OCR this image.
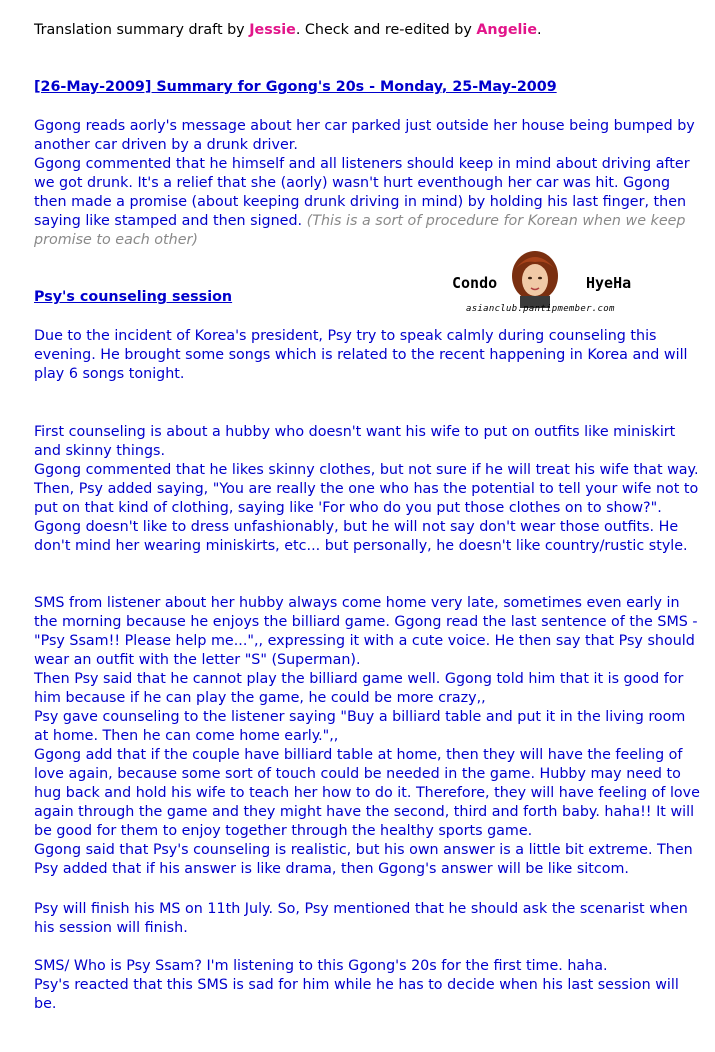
Translation summary draft by Jessie. Check and re-edited by Angelie.
[26-May-2009] Summary for Ggong's 20s - Monday, 25-May-2009

Ggong reads aorly's message about her car parked just outside her house being bumped by another car driven by a drunk driver.

Ggong commented that he himself and all listeners should keep in mind about driving after we got drunk. It's a relief that she (aorly) wasn't hurt eventhough her car was hit. Ggong then made a promise (about keeping drunk driving in mind) by holding his last finger, then saying like stamped and then signed. (This is a sort of procedure for Korean when we keep promise to each other)

Psy's counseling session
Condo	HyeHa
asianclub.pantipmember.com

Due to the incident of Korea's president, Psy try to speak calmly during counseling this evening. He brought some songs which is related to the recent happening in Korea and will play 6 songs tonight.

First counseling is about a hubby who doesn't want his wife to put on outfits like miniskirt and skinny things.

Ggong commented that he likes skinny clothes, but not sure if he will treat his wife that way. Then, Psy added saying, "You are really the one who has the potential to tell your wife not to put on that kind of clothing, saying like 'For who do you put those clothes on to show?".

Ggong doesn't like to dress unfashionably, but he will not say don't wear those outfits. He don't mind her wearing miniskirts, etc... but personally, he doesn't like country/rustic style.

SMS from listener about her hubby always come home very late, sometimes even early in the morning because he enjoys the billiard game. Ggong read the last sentence of the SMS - "Psy Ssam!! Please help me...",, expressing it with a cute voice. He then say that Psy should wear an outfit with the letter "S" (Superman).

Then Psy said that he cannot play the billiard game well. Ggong told him that it is good for him because if he can play the game, he could be more crazy,,

Psy gave counseling to the listener saying "Buy a billiard table and put it in the living room at home. Then he can come home early.",,

Ggong add that if the couple have billiard table at home, then they will have the feeling of love again, because some sort of touch could be needed in the game. Hubby may need to hug back and hold his wife to teach her how to do it. Therefore, they will have feeling of love again through the game and they might have the second, third and forth baby. haha!! It will be good for them to enjoy together through the healthy sports game.

Ggong said that Psy's counseling is realistic, but his own answer is a little bit extreme. Then Psy added that if his answer is like drama, then Ggong's answer will be like sitcom.

Psy will finish his MS on 11th July. So, Psy mentioned that he should ask the scenarist when his session will finish.

SMS/ Who is Psy Ssam? I'm listening to this Ggong's 20s for the first time. haha.

Psy's reacted that this SMS is sad for him while he has to decide when his last session will be.
